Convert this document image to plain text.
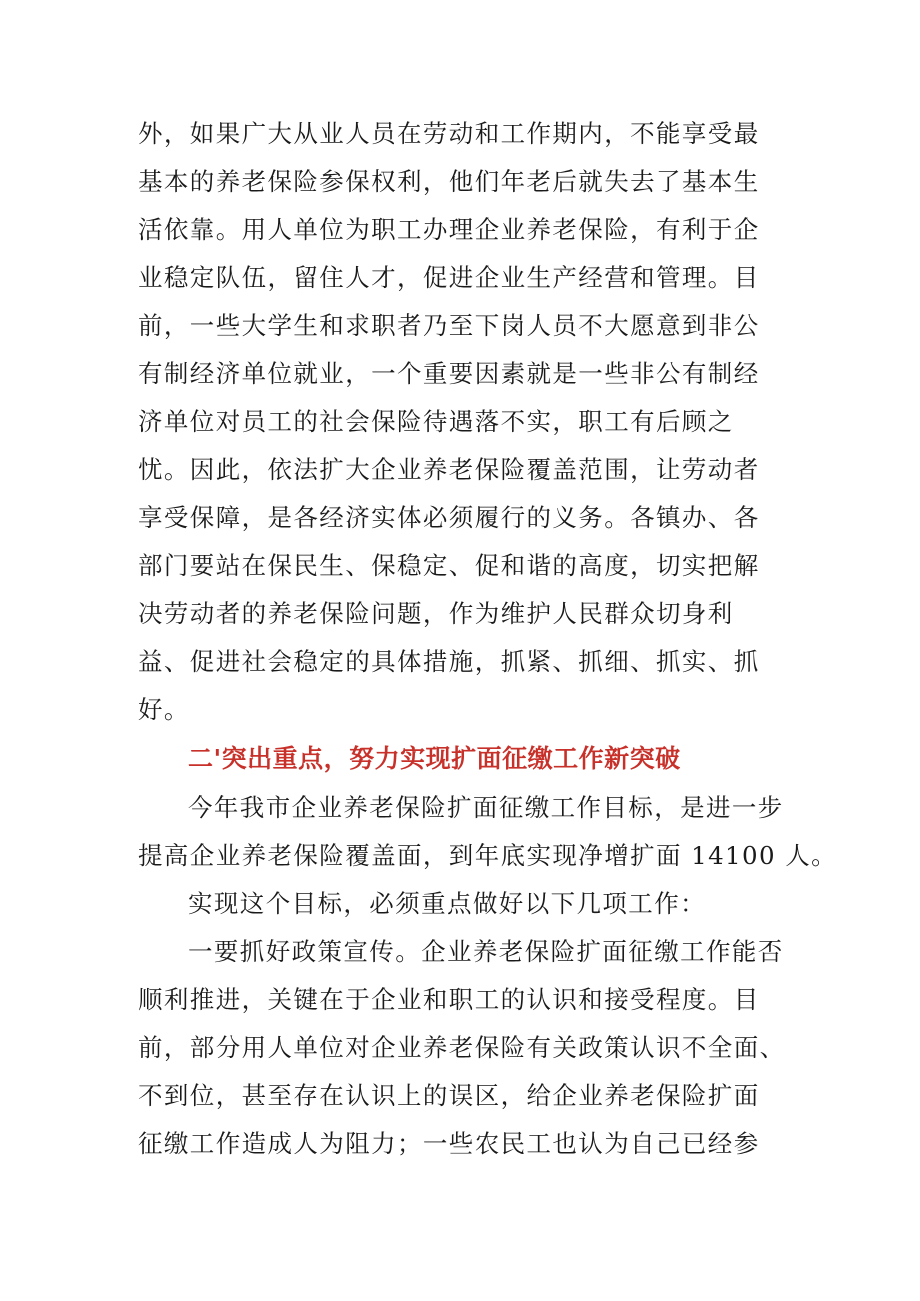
外，如果广大从业人员在劳动和工作期内，不能享受最
基本的养老保险参保权利，他们年老后就失去了基本生
活依靠。用人单位为职工办理企业养老保险，有利于企
业稳定队伍，留住人才，促进企业生产经营和管理。目
前，一些大学生和求职者乃至下岗人员不大愿意到非公
有制经济单位就业，一个重要因素就是一些非公有制经
济单位对员工的社会保险待遇落不实，职工有后顾之
忧。因此，依法扩大企业养老保险覆盖范围，让劳动者
享受保障，是各经济实体必须履行的义务。各镇办、各
部门要站在保民生、保稳定、促和谐的高度，切实把解
决劳动者的养老保险问题，作为维护人民群众切身利
益、促进社会稳定的具体措施，抓紧、抓细、抓实、抓
好。
二'突出重点，努力实现扩面征缴工作新突破
今年我市企业养老保险扩面征缴工作目标，是进一步
提高企业养老保险覆盖面，到年底实现净增扩面 14100 人。
实现这个目标，必须重点做好以下几项工作：
一要抓好政策宣传。企业养老保险扩面征缴工作能否
顺利推进，关键在于企业和职工的认识和接受程度。目
前，部分用人单位对企业养老保险有关政策认识不全面、
不到位，甚至存在认识上的误区，给企业养老保险扩面
征缴工作造成人为阻力；一些农民工也认为自己已经参
